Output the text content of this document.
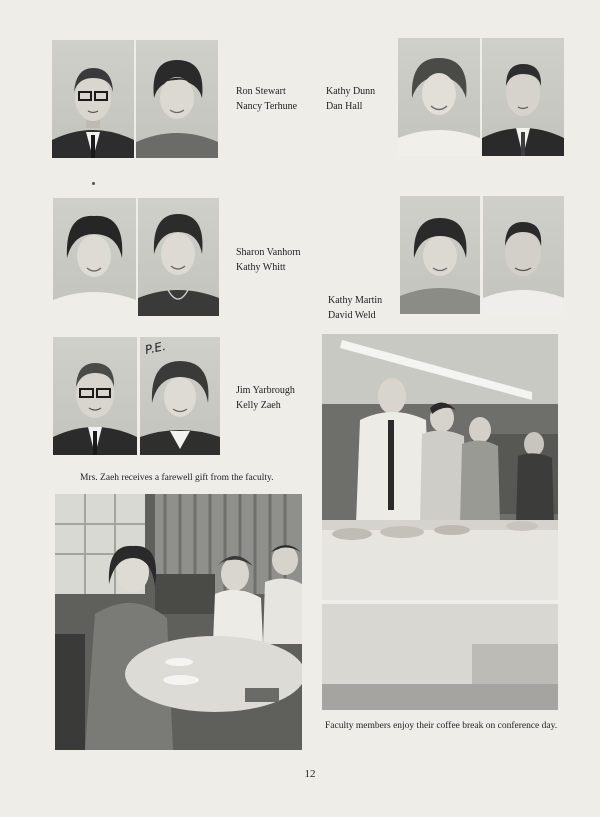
Ron Stewart
Nancy Terhune
Kathy Dunn
Dan Hall
Sharon Vanhorn
Kathy Whitt
Kathy Martin
David Weld
P.E.
Jim Yarbrough
Kelly Zaeh
Mrs. Zaeh receives a farewell gift from the faculty.
Faculty members enjoy their coffee break on conference day.
12
